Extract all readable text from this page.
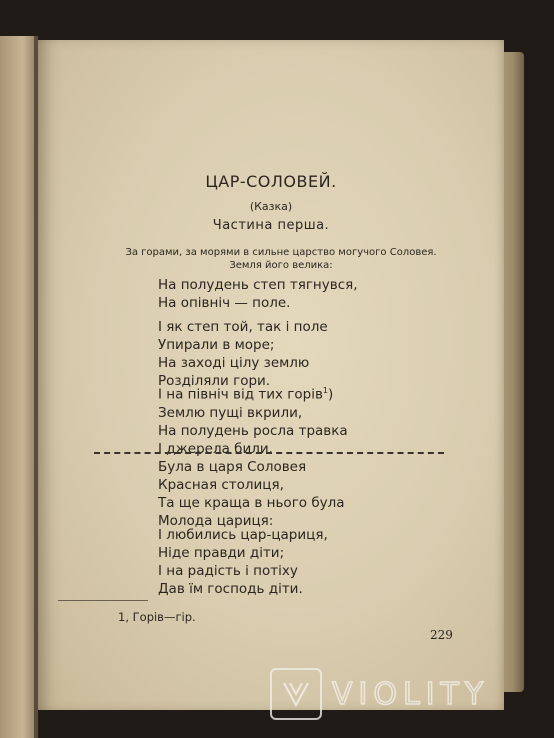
ЦАР-СОЛОВЕЙ.
(Казка)
Частина перша.
За горами, за морями в сильне царство могучого Соловея.
Земля його велика:
На полудень степ тягнувся,
На опівніч — поле.
І як степ той, так і поле
Упирали в море;
На заході цілу землю
Розділяли гори.
І на північ від тих горів$^1$)
Землю пущі вкрили,
На полудень росла травка
І джерела били.
Була в царя Соловея
Красная столиця,
Та ще краща в нього була
Молода цариця:
І любились цар-цариця,
Ніде правди діти;
І на радість і потіху
Дав їм господь діти.
1, Горів—гір.
229
VIOLITY
